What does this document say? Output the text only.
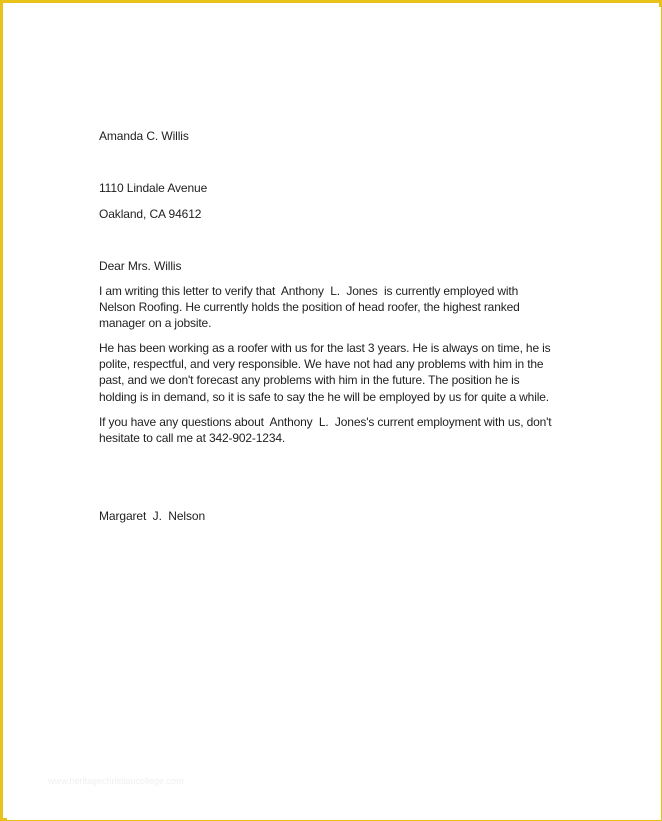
Amanda C. Willis
1110 Lindale Avenue
Oakland, CA 94612
Dear Mrs. Willis
I am writing this letter to verify that  Anthony  L.  Jones  is currently employed with
Nelson Roofing. He currently holds the position of head roofer, the highest ranked
manager on a jobsite.
He has been working as a roofer with us for the last 3 years. He is always on time, he is
polite, respectful, and very responsible. We have not had any problems with him in the
past, and we don't forecast any problems with him in the future. The position he is
holding is in demand, so it is safe to say the he will be employed by us for quite a while.
If you have any questions about  Anthony  L.  Jones's current employment with us, don't
hesitate to call me at 342-902-1234.
Margaret  J.  Nelson
www.heritagechristiancollege.com
